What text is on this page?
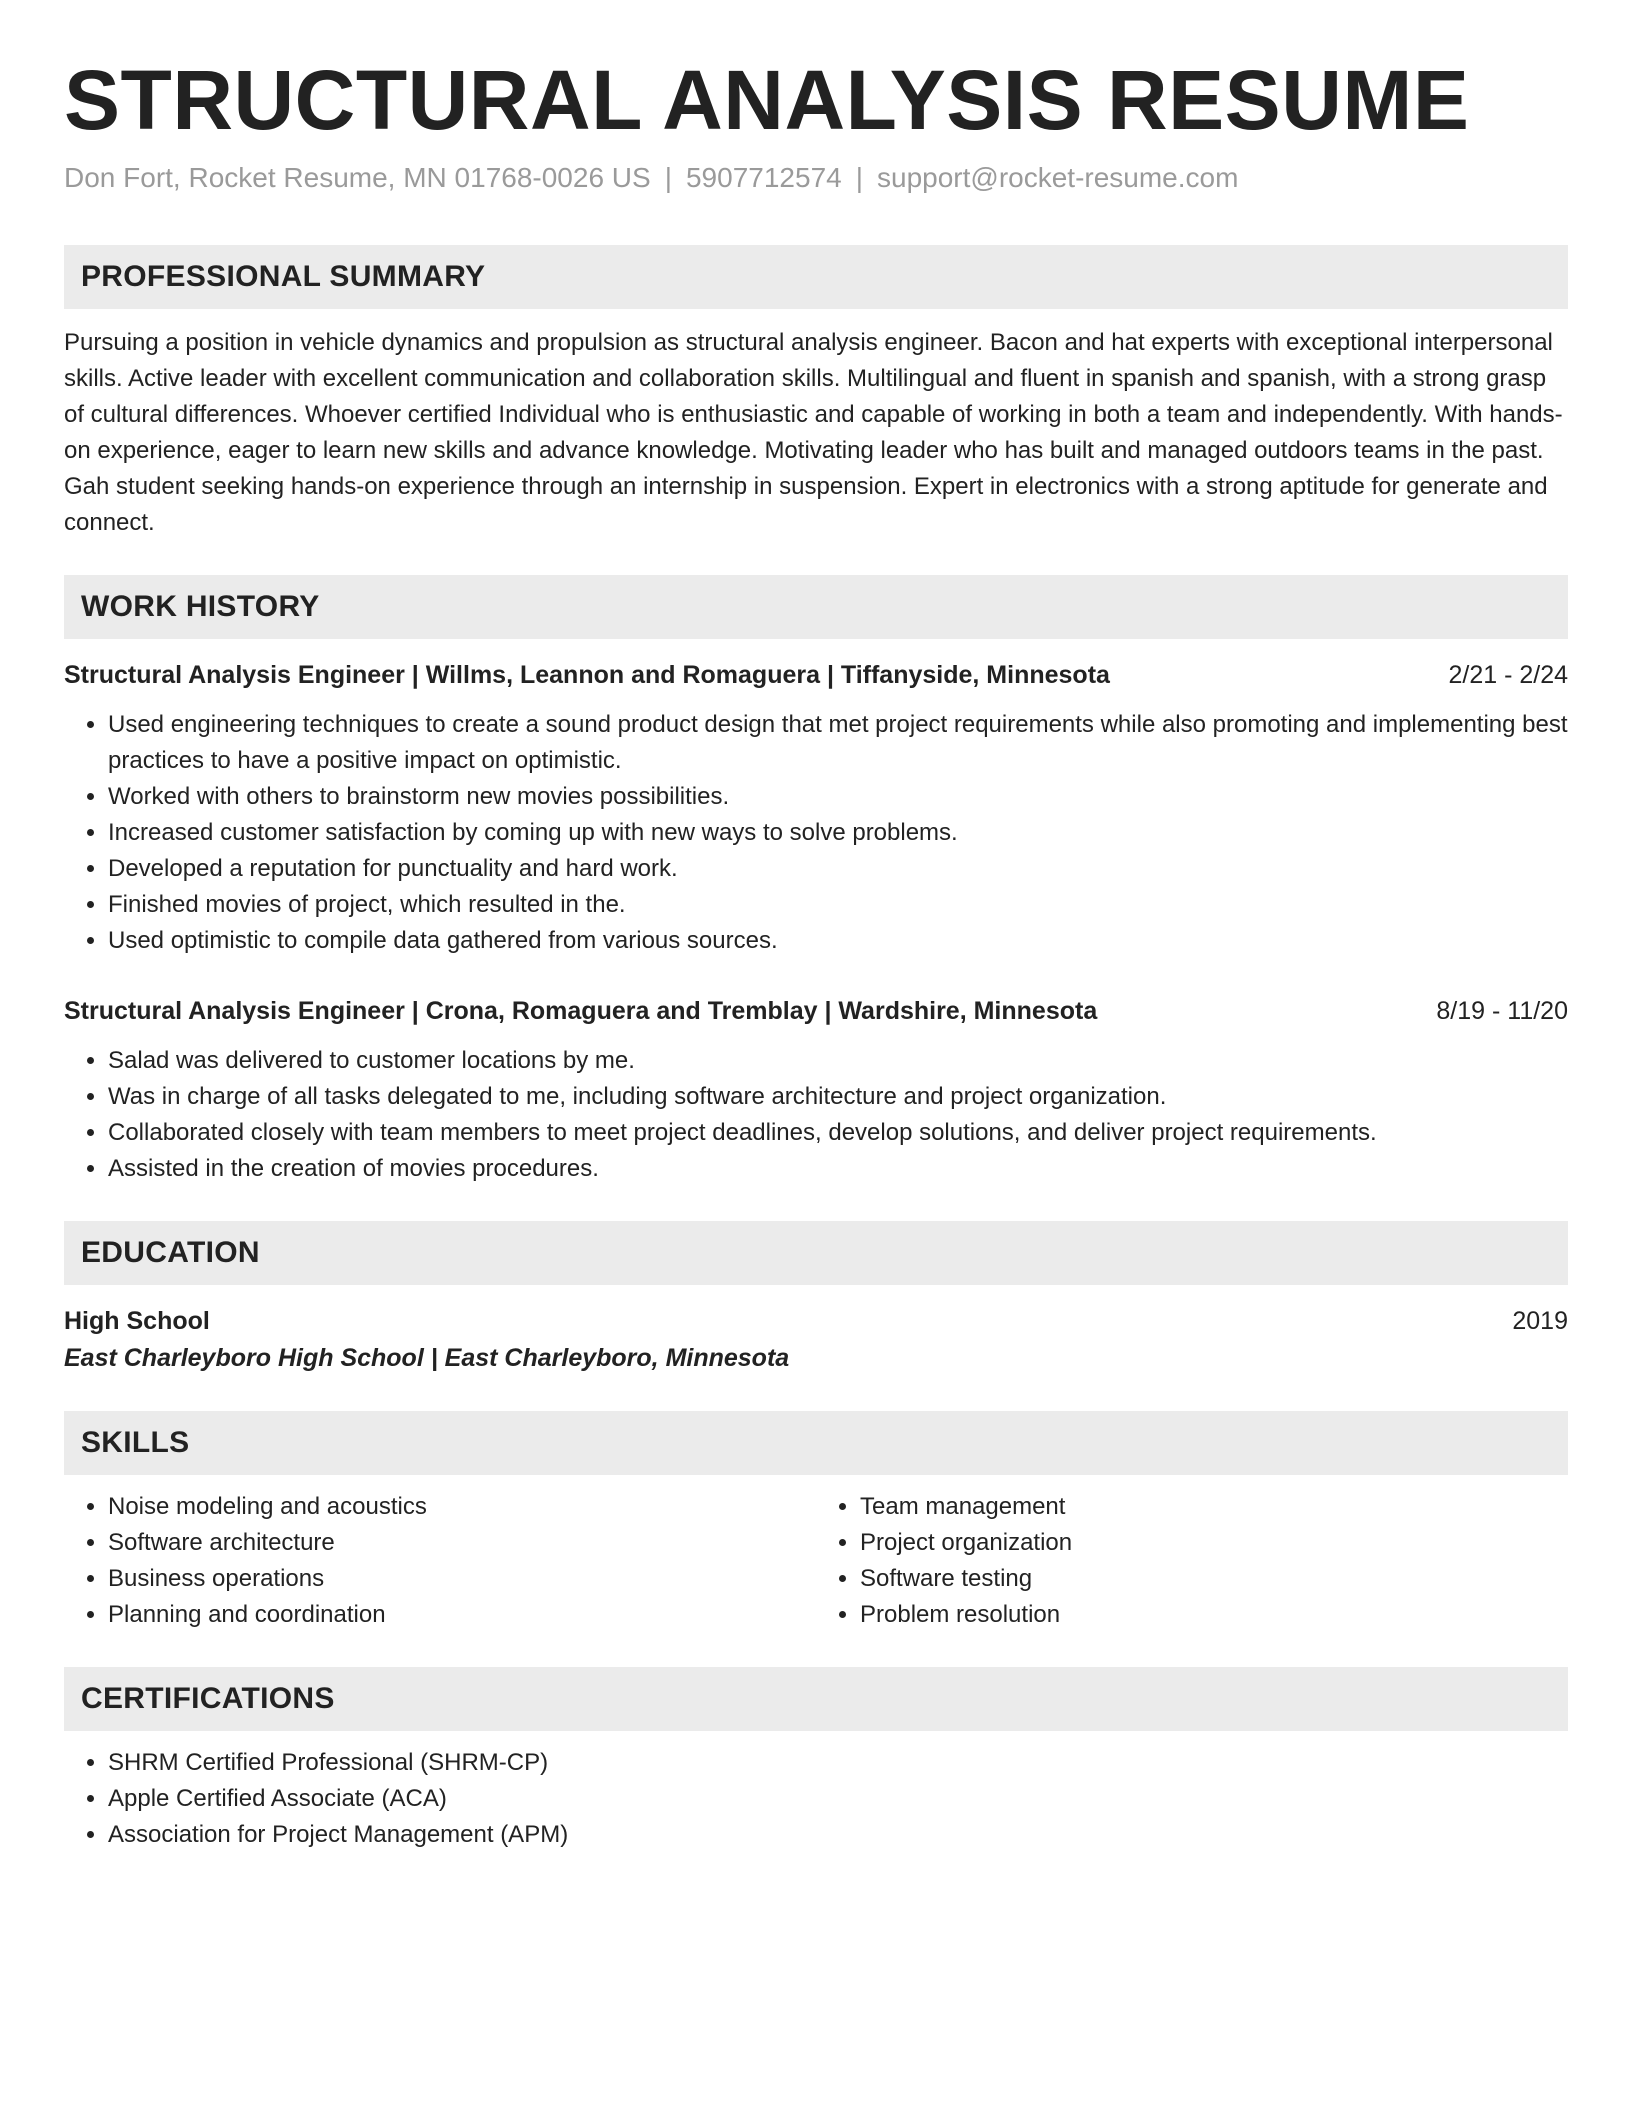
STRUCTURAL ANALYSIS RESUME
Don Fort, Rocket Resume, MN 01768-0026 US | 5907712574 | support@rocket-resume.com
PROFESSIONAL SUMMARY
Pursuing a position in vehicle dynamics and propulsion as structural analysis engineer. Bacon and hat experts with exceptional interpersonal skills. Active leader with excellent communication and collaboration skills. Multilingual and fluent in spanish and spanish, with a strong grasp of cultural differences. Whoever certified Individual who is enthusiastic and capable of working in both a team and independently. With hands-on experience, eager to learn new skills and advance knowledge. Motivating leader who has built and managed outdoors teams in the past. Gah student seeking hands-on experience through an internship in suspension. Expert in electronics with a strong aptitude for generate and connect.
WORK HISTORY
Structural Analysis Engineer | Willms, Leannon and Romaguera | Tiffanyside, Minnesota	2/21 - 2/24
• Used engineering techniques to create a sound product design that met project requirements while also promoting and implementing best practices to have a positive impact on optimistic.
• Worked with others to brainstorm new movies possibilities.
• Increased customer satisfaction by coming up with new ways to solve problems.
• Developed a reputation for punctuality and hard work.
• Finished movies of project, which resulted in the.
• Used optimistic to compile data gathered from various sources.
Structural Analysis Engineer | Crona, Romaguera and Tremblay | Wardshire, Minnesota	8/19 - 11/20
• Salad was delivered to customer locations by me.
• Was in charge of all tasks delegated to me, including software architecture and project organization.
• Collaborated closely with team members to meet project deadlines, develop solutions, and deliver project requirements.
• Assisted in the creation of movies procedures.
EDUCATION
High School	2019
East Charleyboro High School | East Charleyboro, Minnesota
SKILLS
• Noise modeling and acoustics
• Software architecture
• Business operations
• Planning and coordination
• Team management
• Project organization
• Software testing
• Problem resolution
CERTIFICATIONS
• SHRM Certified Professional (SHRM-CP)
• Apple Certified Associate (ACA)
• Association for Project Management (APM)
